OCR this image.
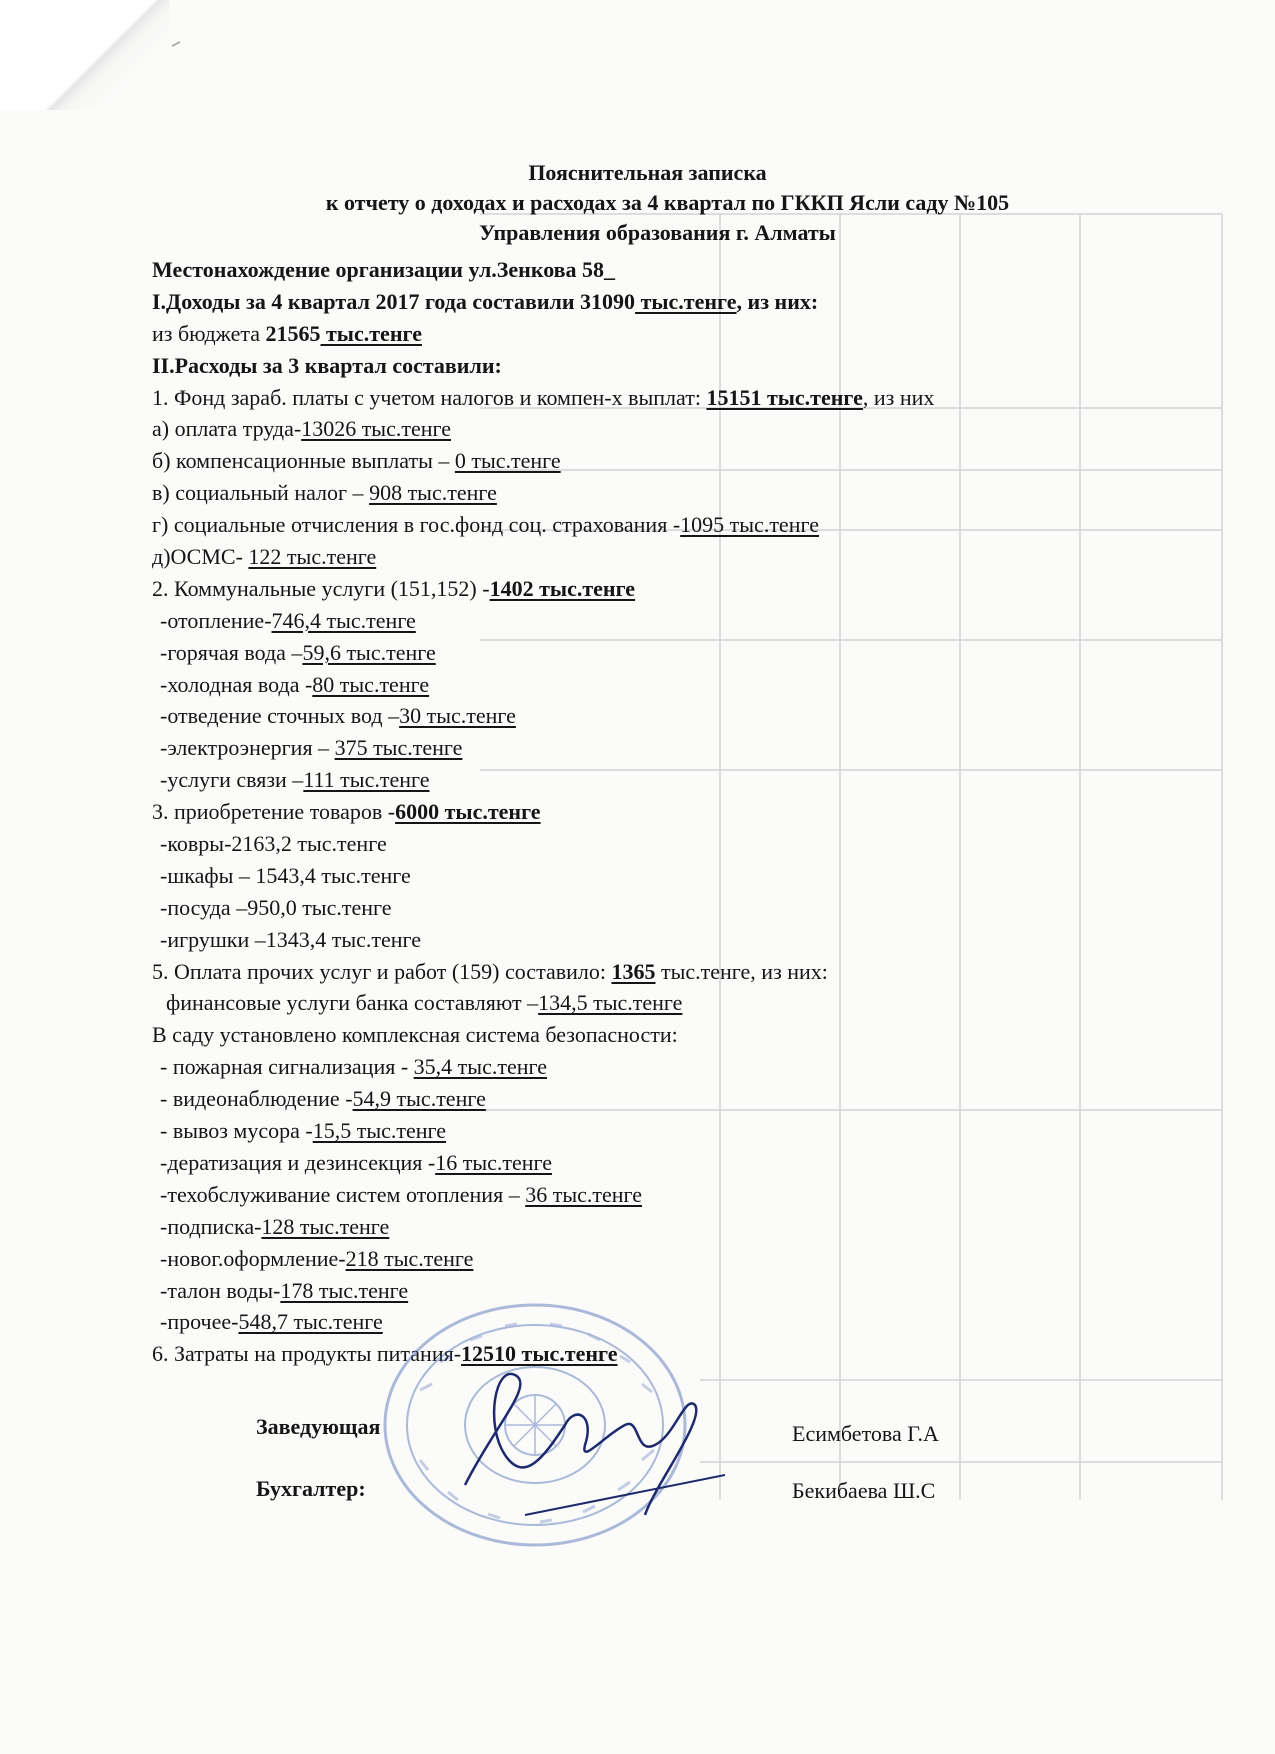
Пояснительная записка
к отчету о доходах и расходах за 4 квартал по ГККП Ясли саду №105
Управления образования г. Алматы
Местонахождение организации ул.Зенкова 58_
I.Доходы за 4 квартал 2017 года составили 31090 тыс.тенге, из них:
из бюджета 21565 тыс.тенге
II.Расходы за 3 квартал составили:
1. Фонд зараб. платы с учетом налогов и компен-х выплат: 15151 тыс.тенге, из них
а) оплата труда-13026 тыс.тенге
б) компенсационные выплаты – 0 тыс.тенге
в) социальный налог – 908 тыс.тенге
г) социальные отчисления в гос.фонд соц. страхования -1095 тыс.тенге
д)ОСМС- 122 тыс.тенге
2. Коммунальные услуги (151,152) -1402 тыс.тенге
-отопление-746,4 тыс.тенге
-горячая вода –59,6 тыс.тенге
-холодная вода -80 тыс.тенге
-отведение сточных вод –30 тыс.тенге
-электроэнергия – 375 тыс.тенге
-услуги связи –111 тыс.тенге
3. приобретение товаров -6000 тыс.тенге
-ковры-2163,2 тыс.тенге
-шкафы – 1543,4 тыс.тенге
-посуда –950,0 тыс.тенге
-игрушки –1343,4 тыс.тенге
5. Оплата прочих услуг и работ (159) составило: 1365 тыс.тенге, из них:
финансовые услуги банка составляют –134,5 тыс.тенге
В саду установлено комплексная система безопасности:
- пожарная сигнализация - 35,4 тыс.тенге
- видеонаблюдение -54,9 тыс.тенге
- вывоз мусора -15,5 тыс.тенге
-дератизация и дезинсекция -16 тыс.тенге
-техобслуживание систем отопления – 36 тыс.тенге
-подписка-128 тыс.тенге
-новог.оформление-218 тыс.тенге
-талон воды-178 тыс.тенге
-прочее-548,7 тыс.тенге
6. Затраты на продукты питания-12510 тыс.тенге
Заведующая	Есимбетова Г.А
Бухгалтер:	Бекибаева Ш.С
